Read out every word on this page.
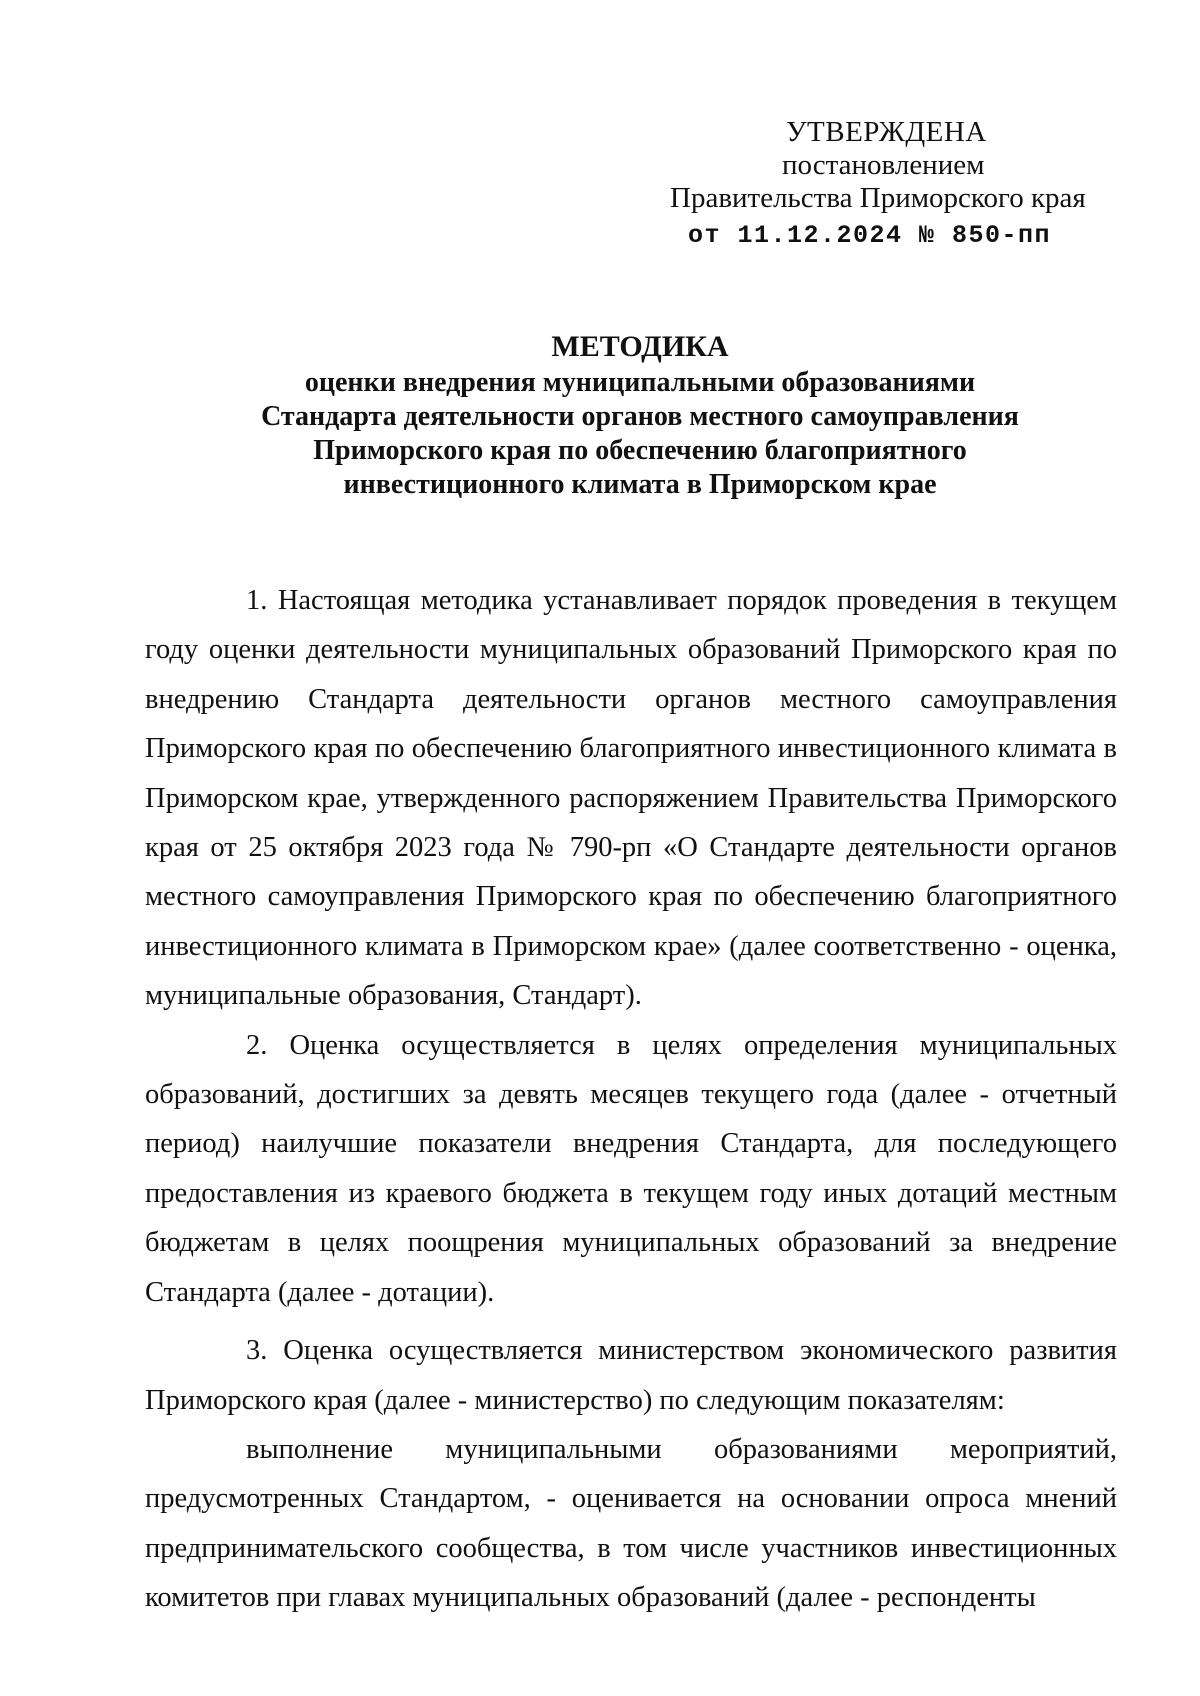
УТВЕРЖДЕНА
постановлением
Правительства Приморского края
от 11.12.2024 № 850-пп
МЕТОДИКА
оценки внедрения муниципальными образованиями
Стандарта деятельности органов местного самоуправления
Приморского края по обеспечению благоприятного
инвестиционного климата в Приморском крае

1. Настоящая методика устанавливает порядок проведения в текущем году оценки деятельности муниципальных образований Приморского края по внедрению Стандарта деятельности органов местного самоуправления Приморского края по обеспечению благоприятного инвестиционного климата в Приморском крае, утвержденного распоряжением Правительства Приморского края от 25 октября 2023 года № 790-рп «О Стандарте деятельности органов местного самоуправления Приморского края по обеспечению благоприятного инвестиционного климата в Приморском крае» (далее соответственно - оценка, муниципальные образования, Стандарт).

2. Оценка осуществляется в целях определения муниципальных образований, достигших за девять месяцев текущего года (далее - отчетный период) наилучшие показатели внедрения Стандарта, для последующего предоставления из краевого бюджета в текущем году иных дотаций местным бюджетам в целях поощрения муниципальных образований за внедрение Стандарта (далее - дотации).

3. Оценка осуществляется министерством экономического развития Приморского края (далее - министерство) по следующим показателям:

выполнение муниципальными образованиями мероприятий, предусмотренных Стандартом, - оценивается на основании опроса мнений предпринимательского сообщества, в том числе участников инвестиционных комитетов при главах муниципальных образований (далее - респонденты
